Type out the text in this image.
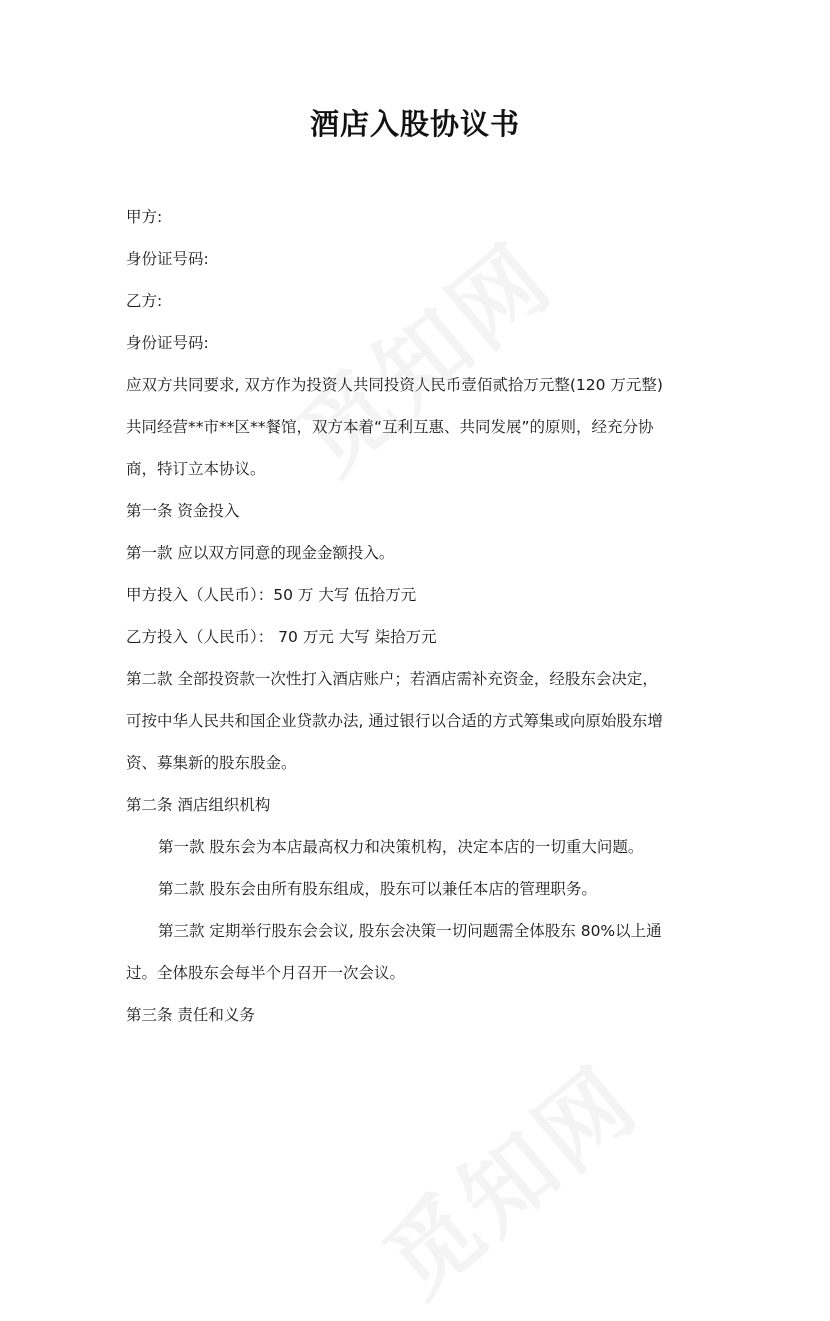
酒店入股协议书

甲方:

身份证号码:

乙方:

身份证号码:

应双方共同要求, 双方作为投资人共同投资人民币壹佰贰拾万元整(120 万元整)

共同经营**市**区**餐馆，双方本着“互利互惠、共同发展”的原则，经充分协

商，特订立本协议。

第一条 资金投入

第一款 应以双方同意的现金金额投入。

甲方投入（人民币）：50 万 大写 伍拾万元

乙方投入（人民币）： 70 万元 大写 柒拾万元

第二款 全部投资款一次性打入酒店账户；若酒店需补充资金，经股东会决定，

可按中华人民共和国企业贷款办法, 通过银行以合适的方式筹集或向原始股东增

资、募集新的股东股金。

第二条 酒店组织机构

第一款 股东会为本店最高权力和决策机构，决定本店的一切重大问题。

第二款 股东会由所有股东组成，股东可以兼任本店的管理职务。

第三款 定期举行股东会会议, 股东会决策一切问题需全体股东 80%以上通

过。全体股东会每半个月召开一次会议。

第三条 责任和义务
